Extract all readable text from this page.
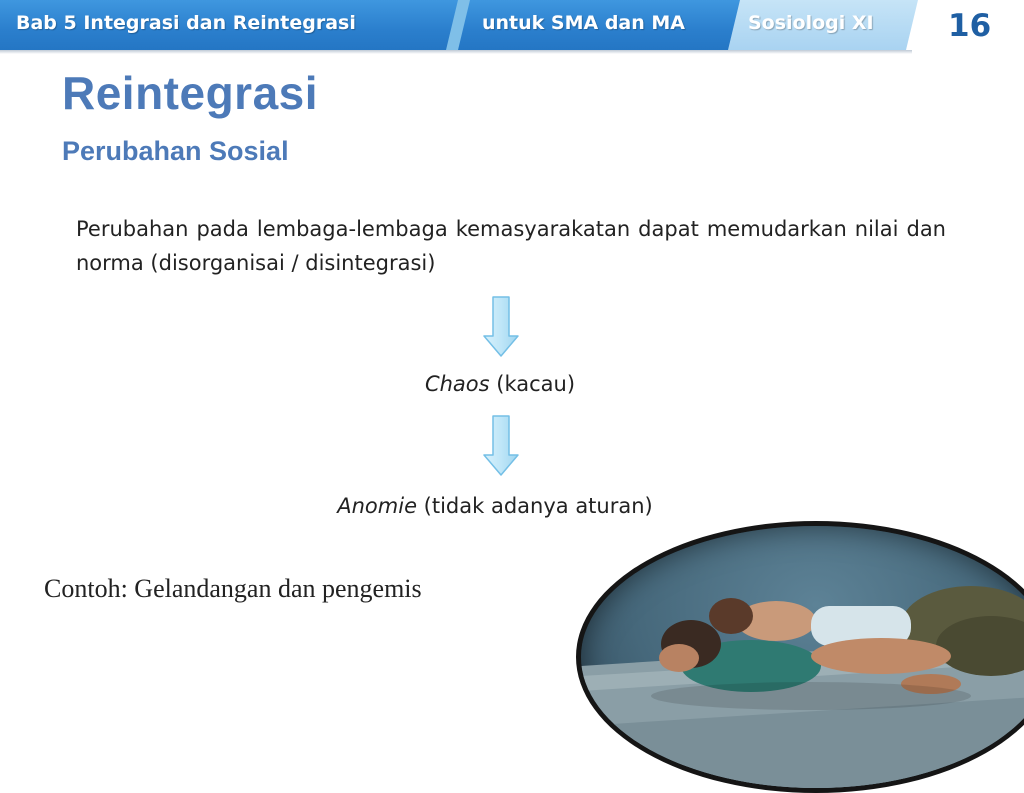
Bab 5 Integrasi dan Reintegrasi	untuk SMA dan MA	Sosiologi XI 16
Reintegrasi
Perubahan Sosial
Perubahan pada lembaga-lembaga kemasyarakatan dapat memudarkan nilai dan norma (disorganisai / disintegrasi)
Chaos (kacau)
Anomie (tidak adanya aturan)
Contoh: Gelandangan dan pengemis
